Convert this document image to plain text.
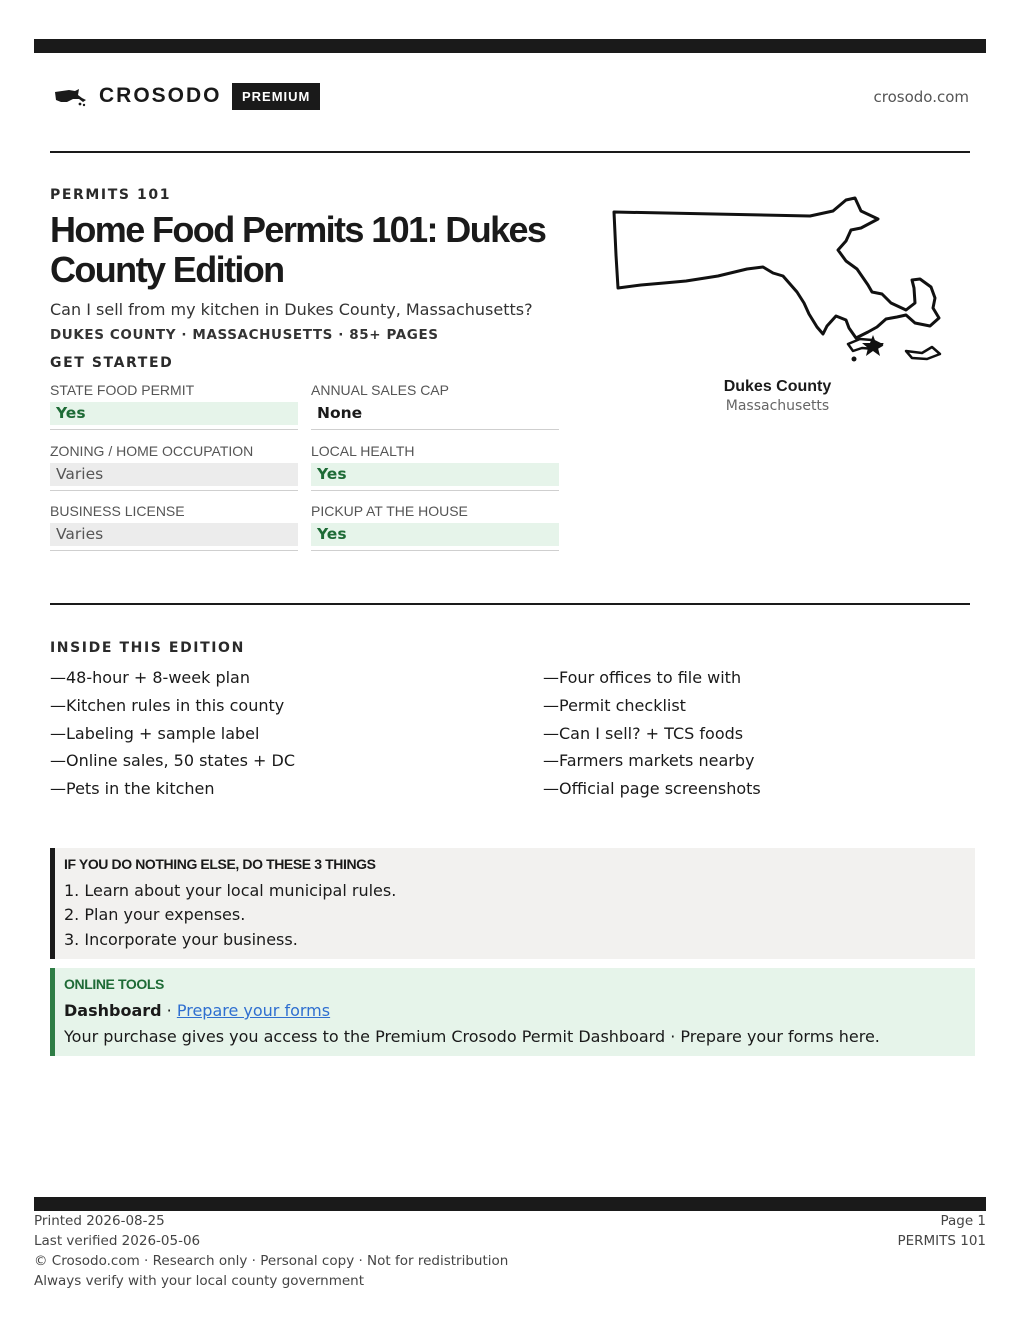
CROSODO	PREMIUM	crosodo.com
PERMITS 101
Home Food Permits 101: Dukes
County Edition
Can I sell from my kitchen in Dukes County, Massachusetts?
DUKES COUNTY · MASSACHUSETTS · 85+ PAGES
GET STARTED
STATE FOOD PERMIT
Yes
ANNUAL SALES CAP
None
ZONING / HOME OCCUPATION
Varies
LOCAL HEALTH
Yes
BUSINESS LICENSE
Varies
PICKUP AT THE HOUSE
Yes
Dukes County
Massachusetts
INSIDE THIS EDITION
—48-hour + 8-week plan
—Kitchen rules in this county
—Labeling + sample label
—Online sales, 50 states + DC
—Pets in the kitchen
—Four offices to file with
—Permit checklist
—Can I sell? + TCS foods
—Farmers markets nearby
—Official page screenshots
IF YOU DO NOTHING ELSE, DO THESE 3 THINGS
1. Learn about your local municipal rules.
2. Plan your expenses.
3. Incorporate your business.
ONLINE TOOLS
Dashboard · Prepare your forms
Your purchase gives you access to the Premium Crosodo Permit Dashboard · Prepare your forms here.
Printed 2026-08-25
Last verified 2026-05-06
© Crosodo.com · Research only · Personal copy · Not for redistribution
Always verify with your local county government
Page 1
PERMITS 101
